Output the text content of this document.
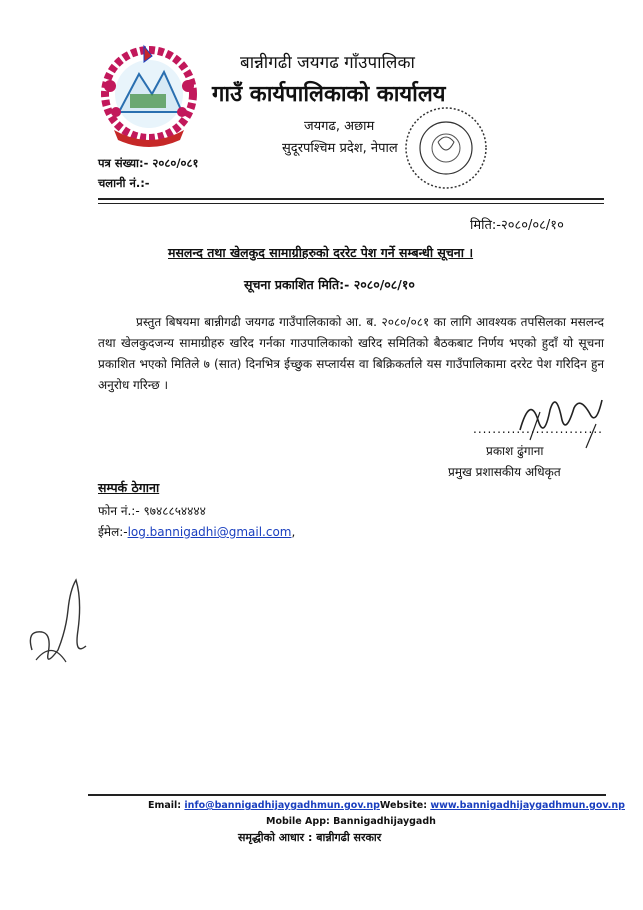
बान्नीगढी जयगढ गाँउपालिका
गाउँ कार्यपालिकाको कार्यालय
जयगढ, अछाम
सुदूरपश्चिम प्रदेश, नेपाल
पत्र संख्या:- २०८०/०८१
चलानी नं.:-
मिति:-२०८०/०८/१०
मसलन्द तथा खेलकुद सामाग्रीहरुको दररेट पेश गर्ने सम्बन्धी सूचना ।
सूचना प्रकाशित मिति:- २०८०/०८/१०
प्रस्तुत बिषयमा बान्नीगढी जयगढ गाउँपालिकाको आ. ब. २०८०/०८१ का लागि आवश्यक तपसिलका मसलन्द तथा खेलकुदजन्य सामाग्रीहरु खरिद गर्नका गाउपालिकाको खरिद समितिको बैठकबाट निर्णय भएको हुदाँ यो सूचना प्रकाशित भएको मितिले ७ (सात) दिनभित्र ईच्छुक सप्लार्यस वा बिक्रिकर्ताले यस गाउँपालिकामा दररेट पेश गरिदिन हुन अनुरोध गरिन्छ ।
...........................
प्रकाश ढुंगाना
प्रमुख प्रशासकीय अधिकृत
सम्पर्क ठेगाना
फोन नं.:- ९७४८८५४४४४
ईमेल:-log.bannigadhi@gmail.com,
Email: info@bannigadhijaygadhmun.gov.npWebsite: www.bannigadhijaygadhmun.gov.np
Mobile App: Bannigadhijaygadh
समृद्धीको आधार : बान्नीगढी सरकार
